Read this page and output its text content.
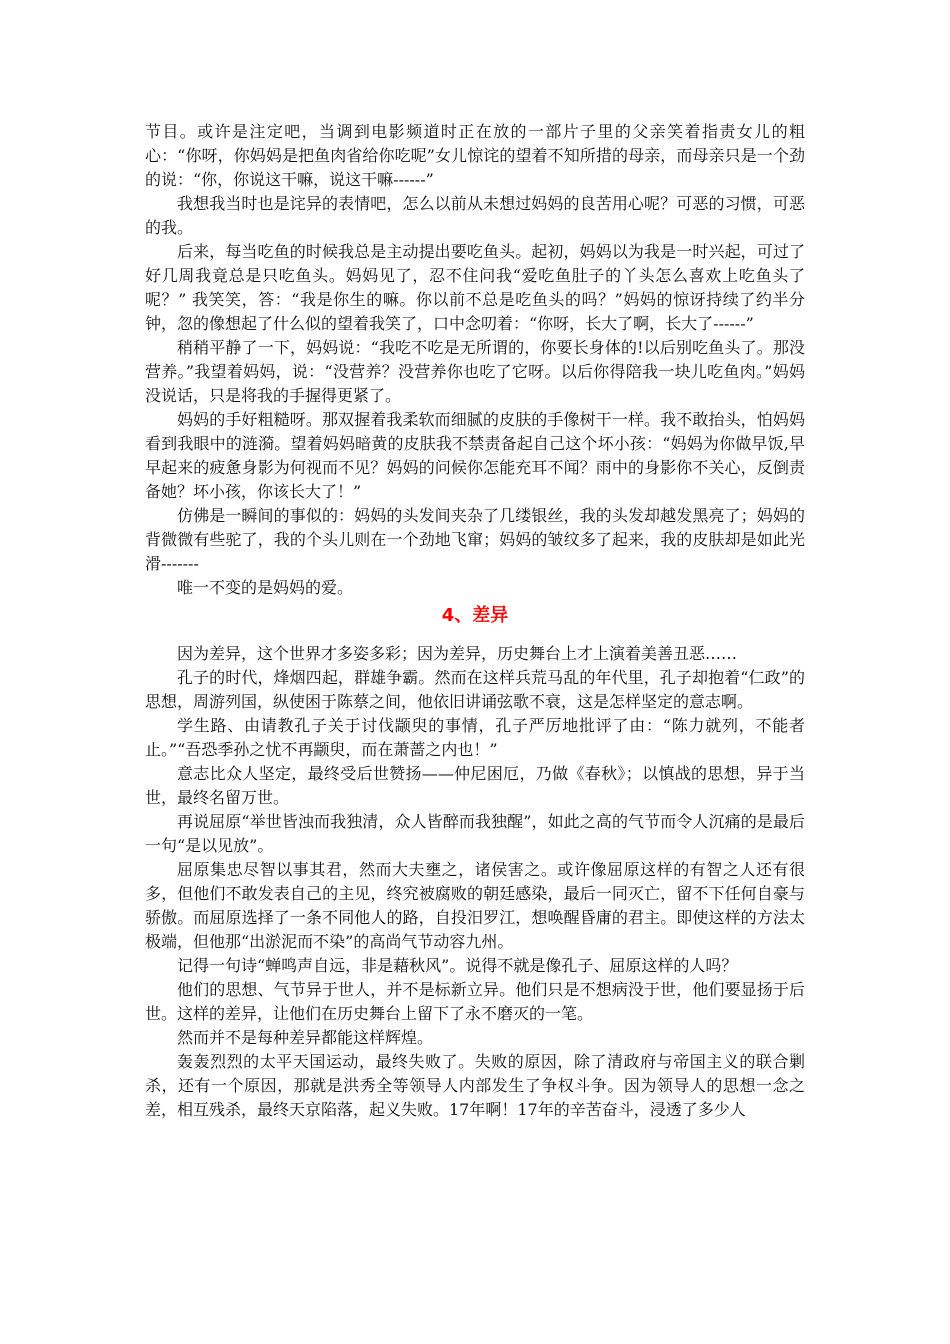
节目。或许是注定吧，当调到电影频道时正在放的一部片子里的父亲笑着指责女儿的粗心：“你呀，你妈妈是把鱼肉省给你吃呢”女儿惊诧的望着不知所措的母亲，而母亲只是一个劲的说：“你，你说这干嘛，说这干嘛------”

我想我当时也是诧异的表情吧，怎么以前从未想过妈妈的良苦用心呢？可恶的习惯，可恶的我。

后来，每当吃鱼的时候我总是主动提出要吃鱼头。起初，妈妈以为我是一时兴起，可过了好几周我竟总是只吃鱼头。妈妈见了，忍不住问我“爱吃鱼肚子的丫头怎么喜欢上吃鱼头了呢？” 我笑笑，答：“我是你生的嘛。你以前不总是吃鱼头的吗？”妈妈的惊讶持续了约半分钟，忽的像想起了什么似的望着我笑了，口中念叨着：“你呀，长大了啊，长大了------”

稍稍平静了一下，妈妈说：“我吃不吃是无所谓的，你要长身体的!以后别吃鱼头了。那没营养。”我望着妈妈，说：“没营养？没营养你也吃了它呀。以后你得陪我一块儿吃鱼肉。”妈妈没说话，只是将我的手握得更紧了。

妈妈的手好粗糙呀。那双握着我柔软而细腻的皮肤的手像树干一样。我不敢抬头，怕妈妈看到我眼中的涟漪。望着妈妈暗黄的皮肤我不禁责备起自己这个坏小孩：“妈妈为你做早饭,早早起来的疲惫身影为何视而不见？妈妈的问候你怎能充耳不闻？雨中的身影你不关心，反倒责备她？坏小孩，你该长大了！”

仿佛是一瞬间的事似的：妈妈的头发间夹杂了几缕银丝，我的头发却越发黑亮了；妈妈的背微微有些驼了，我的个头儿则在一个劲地飞窜；妈妈的皱纹多了起来，我的皮肤却是如此光滑-------

唯一不变的是妈妈的爱。

4、差异

因为差异，这个世界才多姿多彩；因为差异，历史舞台上才上演着美善丑恶……

孔子的时代，烽烟四起，群雄争霸。然而在这样兵荒马乱的年代里，孔子却抱着“仁政”的思想，周游列国，纵使困于陈蔡之间，他依旧讲诵弦歌不衰，这是怎样坚定的意志啊。

学生路、由请教孔子关于讨伐颛臾的事情，孔子严厉地批评了由：“陈力就列，不能者止。”“吾恐季孙之忧不再颛臾，而在萧蔷之内也！”

意志比众人坚定，最终受后世赞扬——仲尼困厄，乃做《春秋》；以慎战的思想，异于当世，最终名留万世。

再说屈原“举世皆浊而我独清，众人皆醉而我独醒”，如此之高的气节而令人沉痛的是最后一句“是以见放”。

屈原集忠尽智以事其君，然而大夫壅之，诸侯害之。或许像屈原这样的有智之人还有很多，但他们不敢发表自己的主见，终究被腐败的朝廷感染，最后一同灭亡，留不下任何自豪与骄傲。而屈原选择了一条不同他人的路，自投汨罗江，想唤醒昏庸的君主。即使这样的方法太极端，但他那“出淤泥而不染”的高尚气节动容九州。

记得一句诗“蝉鸣声自远，非是藉秋风”。说得不就是像孔子、屈原这样的人吗？

他们的思想、气节异于世人，并不是标新立异。他们只是不想病没于世，他们要显扬于后世。这样的差异，让他们在历史舞台上留下了永不磨灭的一笔。

然而并不是每种差异都能这样辉煌。

轰轰烈烈的太平天国运动，最终失败了。失败的原因，除了清政府与帝国主义的联合剿杀，还有一个原因，那就是洪秀全等领导人内部发生了争权斗争。因为领导人的思想一念之差，相互残杀，最终天京陷落，起义失败。17年啊！17年的辛苦奋斗，浸透了多少人
